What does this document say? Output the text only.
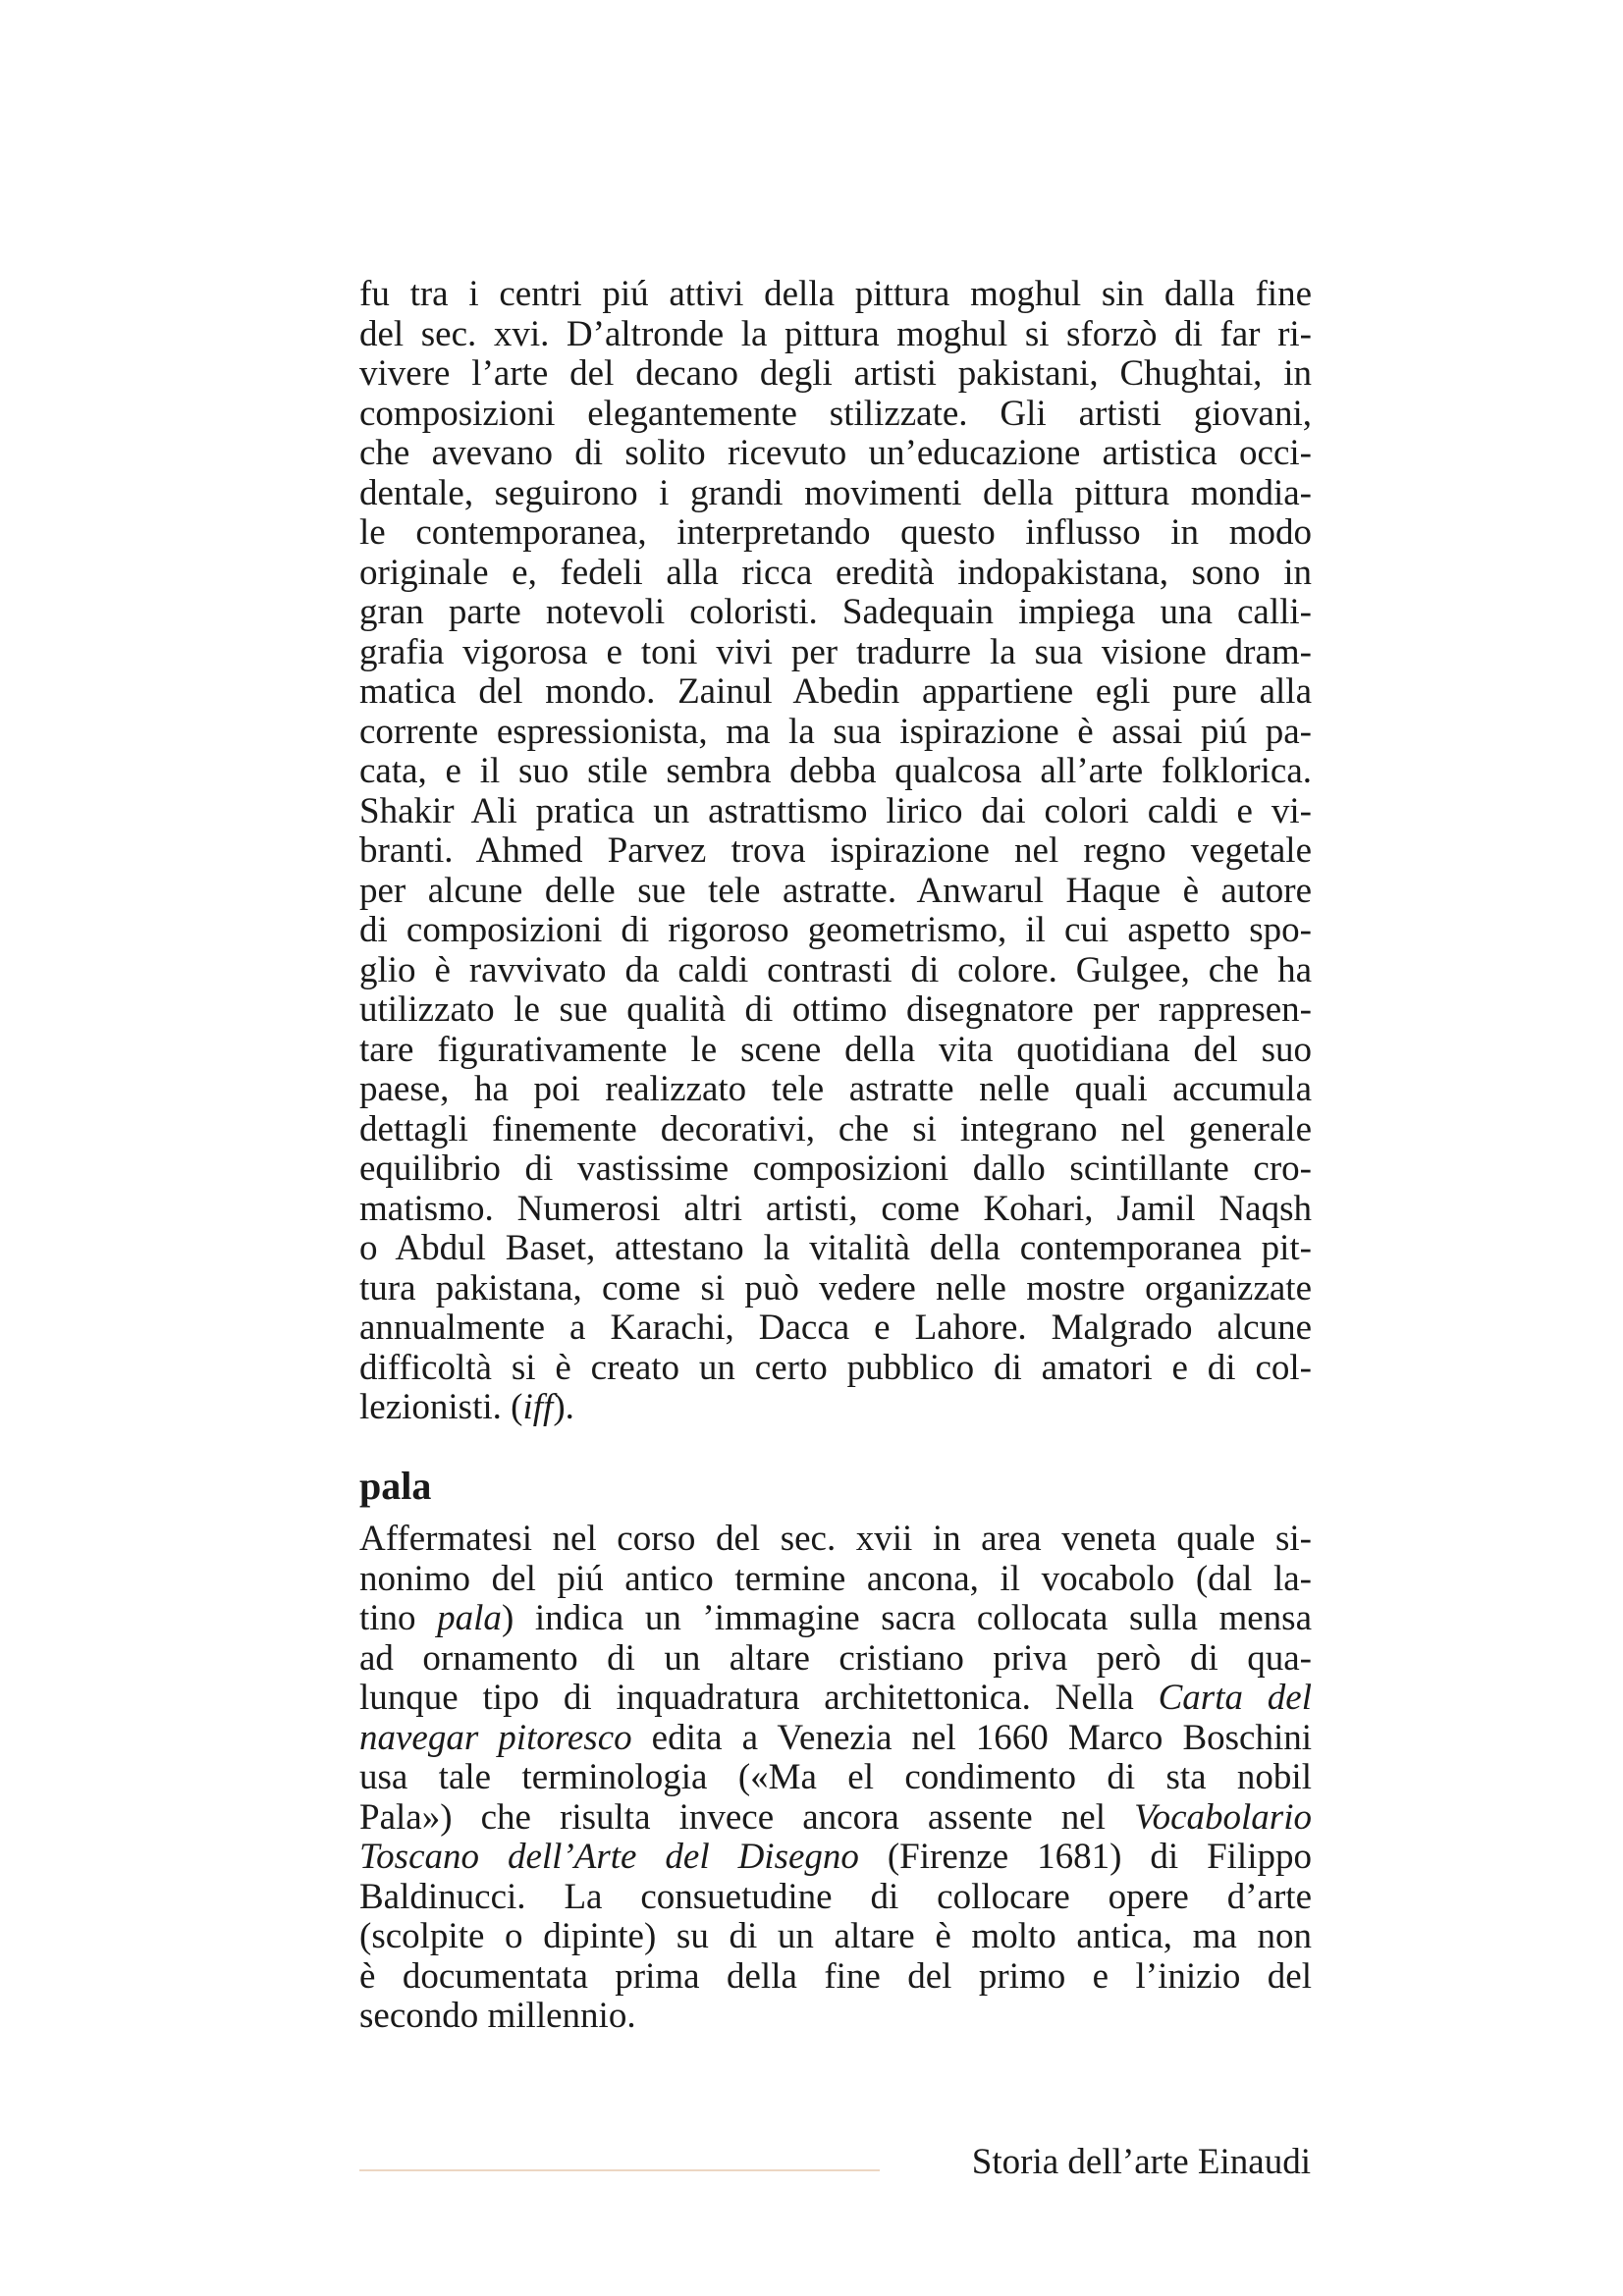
fu tra i centri piú attivi della pittura moghul sin dalla fine
del sec. xvi. D’altronde la pittura moghul si sforzò di far ri-
vivere l’arte del decano degli artisti pakistani, Chughtai, in
composizioni elegantemente stilizzate. Gli artisti giovani,
che avevano di solito ricevuto un’educazione artistica occi-
dentale, seguirono i grandi movimenti della pittura mondia-
le contemporanea, interpretando questo influsso in modo
originale e, fedeli alla ricca eredità indopakistana, sono in
gran parte notevoli coloristi. Sadequain impiega una calli-
grafia vigorosa e toni vivi per tradurre la sua visione dram-
matica del mondo. Zainul Abedin appartiene egli pure alla
corrente espressionista, ma la sua ispirazione è assai piú pa-
cata, e il suo stile sembra debba qualcosa all’arte folklorica.
Shakir Ali pratica un astrattismo lirico dai colori caldi e vi-
branti. Ahmed Parvez trova ispirazione nel regno vegetale
per alcune delle sue tele astratte. Anwarul Haque è autore
di composizioni di rigoroso geometrismo, il cui aspetto spo-
glio è ravvivato da caldi contrasti di colore. Gulgee, che ha
utilizzato le sue qualità di ottimo disegnatore per rappresen-
tare figurativamente le scene della vita quotidiana del suo
paese, ha poi realizzato tele astratte nelle quali accumula
dettagli finemente decorativi, che si integrano nel generale
equilibrio di vastissime composizioni dallo scintillante cro-
matismo. Numerosi altri artisti, come Kohari, Jamil Naqsh
o Abdul Baset, attestano la vitalità della contemporanea pit-
tura pakistana, come si può vedere nelle mostre organizzate
annualmente a Karachi, Dacca e Lahore. Malgrado alcune
difficoltà si è creato un certo pubblico di amatori e di col-
lezionisti. (iff).
pala
Affermatesi nel corso del sec. xvii in area veneta quale si-
nonimo del piú antico termine ancona, il vocabolo (dal la-
tino pala) indica un ’immagine sacra collocata sulla mensa
ad ornamento di un altare cristiano priva però di qua-
lunque tipo di inquadratura architettonica. Nella Carta del
navegar pitoresco edita a Venezia nel 1660 Marco Boschini
usa tale terminologia («Ma el condimento di sta nobil
Pala») che risulta invece ancora assente nel Vocabolario
Toscano dell’Arte del Disegno (Firenze 1681) di Filippo
Baldinucci. La consuetudine di collocare opere d’arte
(scolpite o dipinte) su di un altare è molto antica, ma non
è documentata prima della fine del primo e l’inizio del
secondo millennio.
Storia dell’arte Einaudi
